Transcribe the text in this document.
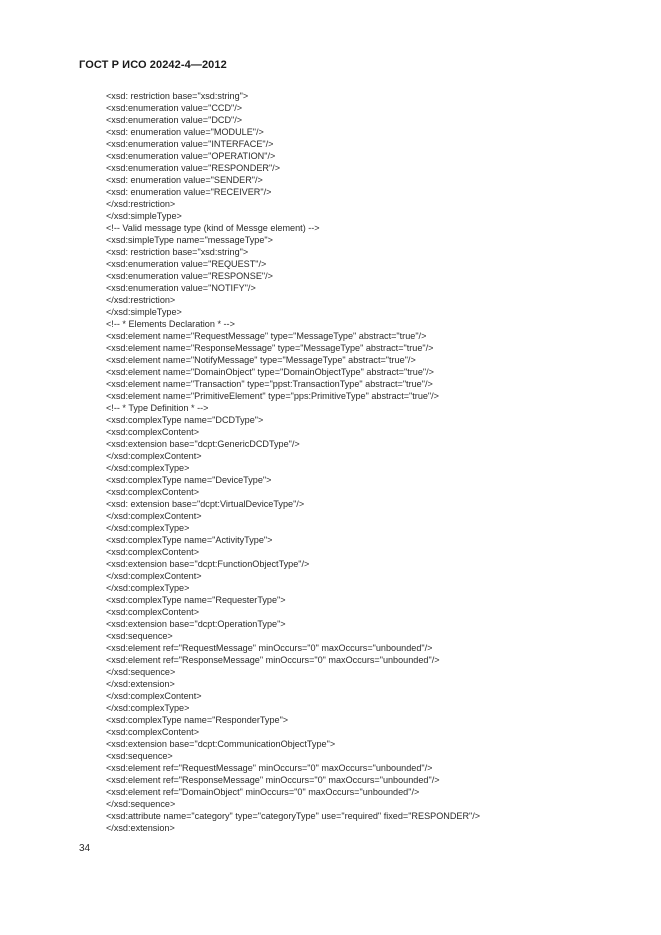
ГОСТ Р ИСО 20242-4—2012
<xsd: restriction base="xsd:string">
<xsd:enumeration value="CCD"/>
<xsd:enumeration value="DCD"/>
<xsd: enumeration value="MODULE"/>
<xsd:enumeration value="INTERFACE"/>
<xsd:enumeration value="OPERATION"/>
<xsd:enumeration value="RESPONDER"/>
<xsd: enumeration value="SENDER"/>
<xsd: enumeration value="RECEIVER"/>
</xsd:restriction>
</xsd:simpleType>
<!-- Valid message type (kind of Messge element) -->
<xsd:simpleType name="messageType">
<xsd: restriction base="xsd:string">
<xsd:enumeration value="REQUEST"/>
<xsd:enumeration value="RESPONSE"/>
<xsd:enumeration value="NOTIFY"/>
</xsd:restriction>
</xsd:simpleType>
<!-- * Elements Declaration * -->
<xsd:element name="RequestMessage" type="MessageType" abstract="true"/>
<xsd:element name="ResponseMessage" type="MessageType" abstract="true"/>
<xsd:element name="NotifyMessage" type="MessageType" abstract="true"/>
<xsd:element name="DomainObject" type="DomainObjectType" abstract="true"/>
<xsd:element name="Transaction" type="ppst:TransactionType" abstract="true"/>
<xsd:element name="PrimitiveElement" type="pps:PrimitiveType" abstract="true"/>
<!-- * Type Definition * -->
<xsd:complexType name="DCDType">
<xsd:complexContent>
<xsd:extension base="dcpt:GenericDCDType"/>
</xsd:complexContent>
</xsd:complexType>
<xsd:complexType name="DeviceType">
<xsd:complexContent>
<xsd: extension base="dcpt:VirtualDeviceType"/>
</xsd:complexContent>
</xsd:complexType>
<xsd:complexType name="ActivityType">
<xsd:complexContent>
<xsd:extension base="dcpt:FunctionObjectType"/>
</xsd:complexContent>
</xsd:complexType>
<xsd:complexType name="RequesterType">
<xsd:complexContent>
<xsd:extension base="dcpt:OperationType">
<xsd:sequence>
<xsd:element ref="RequestMessage" minOccurs="0" maxOccurs="unbounded"/>
<xsd:element ref="ResponseMessage" minOccurs="0" maxOccurs="unbounded"/>
</xsd:sequence>
</xsd:extension>
</xsd:complexContent>
</xsd:complexType>
<xsd:complexType name="ResponderType">
<xsd:complexContent>
<xsd:extension base="dcpt:CommunicationObjectType">
<xsd:sequence>
<xsd:element ref="RequestMessage" minOccurs="0" maxOccurs="unbounded"/>
<xsd:element ref="ResponseMessage" minOccurs="0" maxOccurs="unbounded"/>
<xsd:element ref="DomainObject" minOccurs="0" maxOccurs="unbounded"/>
</xsd:sequence>
<xsd:attribute name="category" type="categoryType" use="required" fixed="RESPONDER"/>
</xsd:extension>
34
